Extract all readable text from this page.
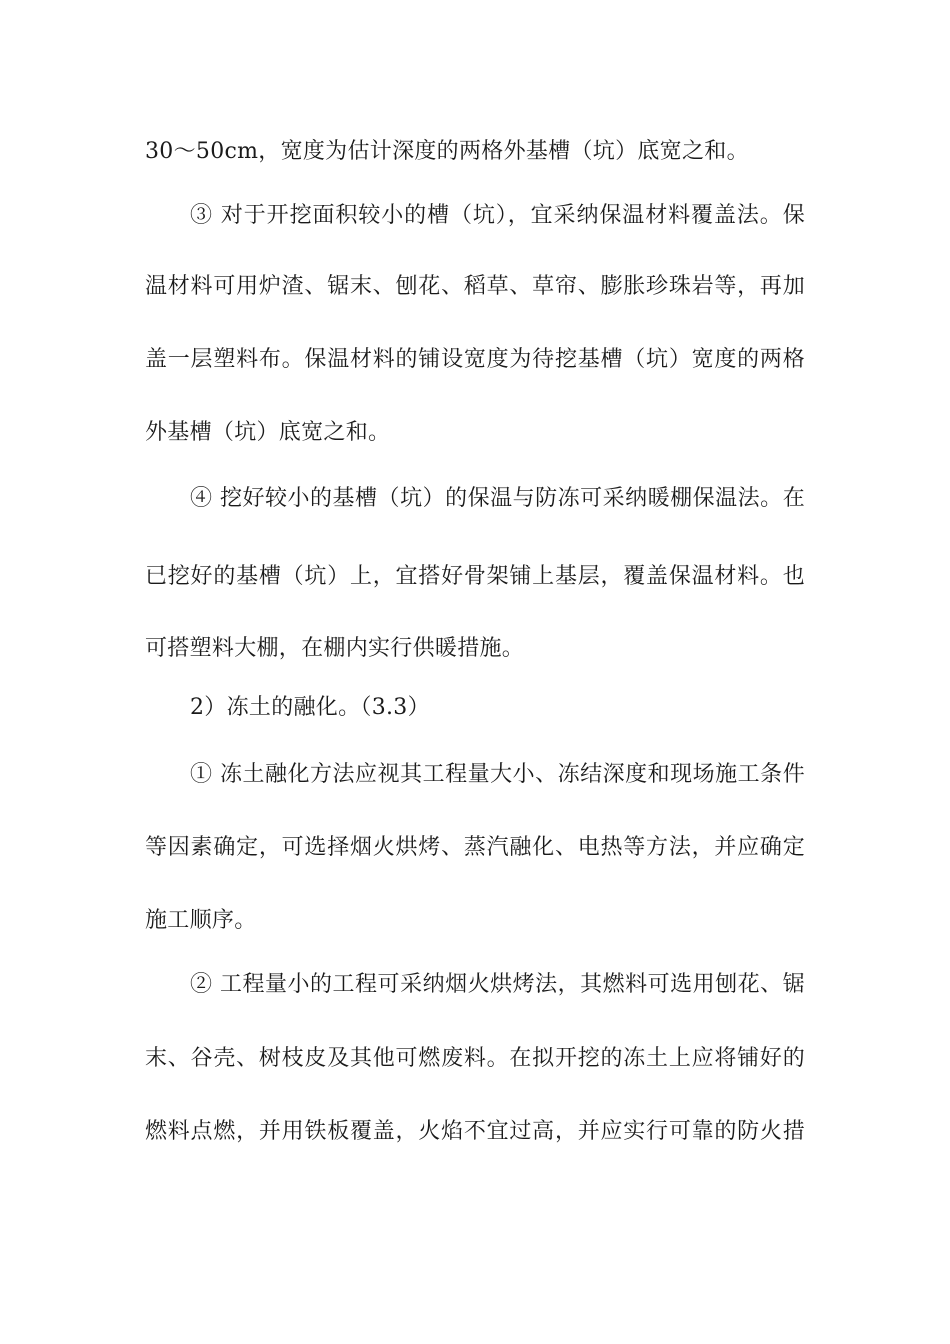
30～50cm，宽度为估计深度的两格外基槽（坑）底宽之和。
③ 对于开挖面积较小的槽（坑），宜采纳保温材料覆盖法。保
温材料可用炉渣、锯末、刨花、稻草、草帘、膨胀珍珠岩等，再加
盖一层塑料布。保温材料的铺设宽度为待挖基槽（坑）宽度的两格
外基槽（坑）底宽之和。
④ 挖好较小的基槽（坑）的保温与防冻可采纳暖棚保温法。在
已挖好的基槽（坑）上，宜搭好骨架铺上基层，覆盖保温材料。也
可搭塑料大棚，在棚内实行供暖措施。
2）冻土的融化。（3.3）
① 冻土融化方法应视其工程量大小、冻结深度和现场施工条件
等因素确定，可选择烟火烘烤、蒸汽融化、电热等方法，并应确定
施工顺序。
② 工程量小的工程可采纳烟火烘烤法，其燃料可选用刨花、锯
末、谷壳、树枝皮及其他可燃废料。在拟开挖的冻土上应将铺好的
燃料点燃，并用铁板覆盖，火焰不宜过高，并应实行可靠的防火措
